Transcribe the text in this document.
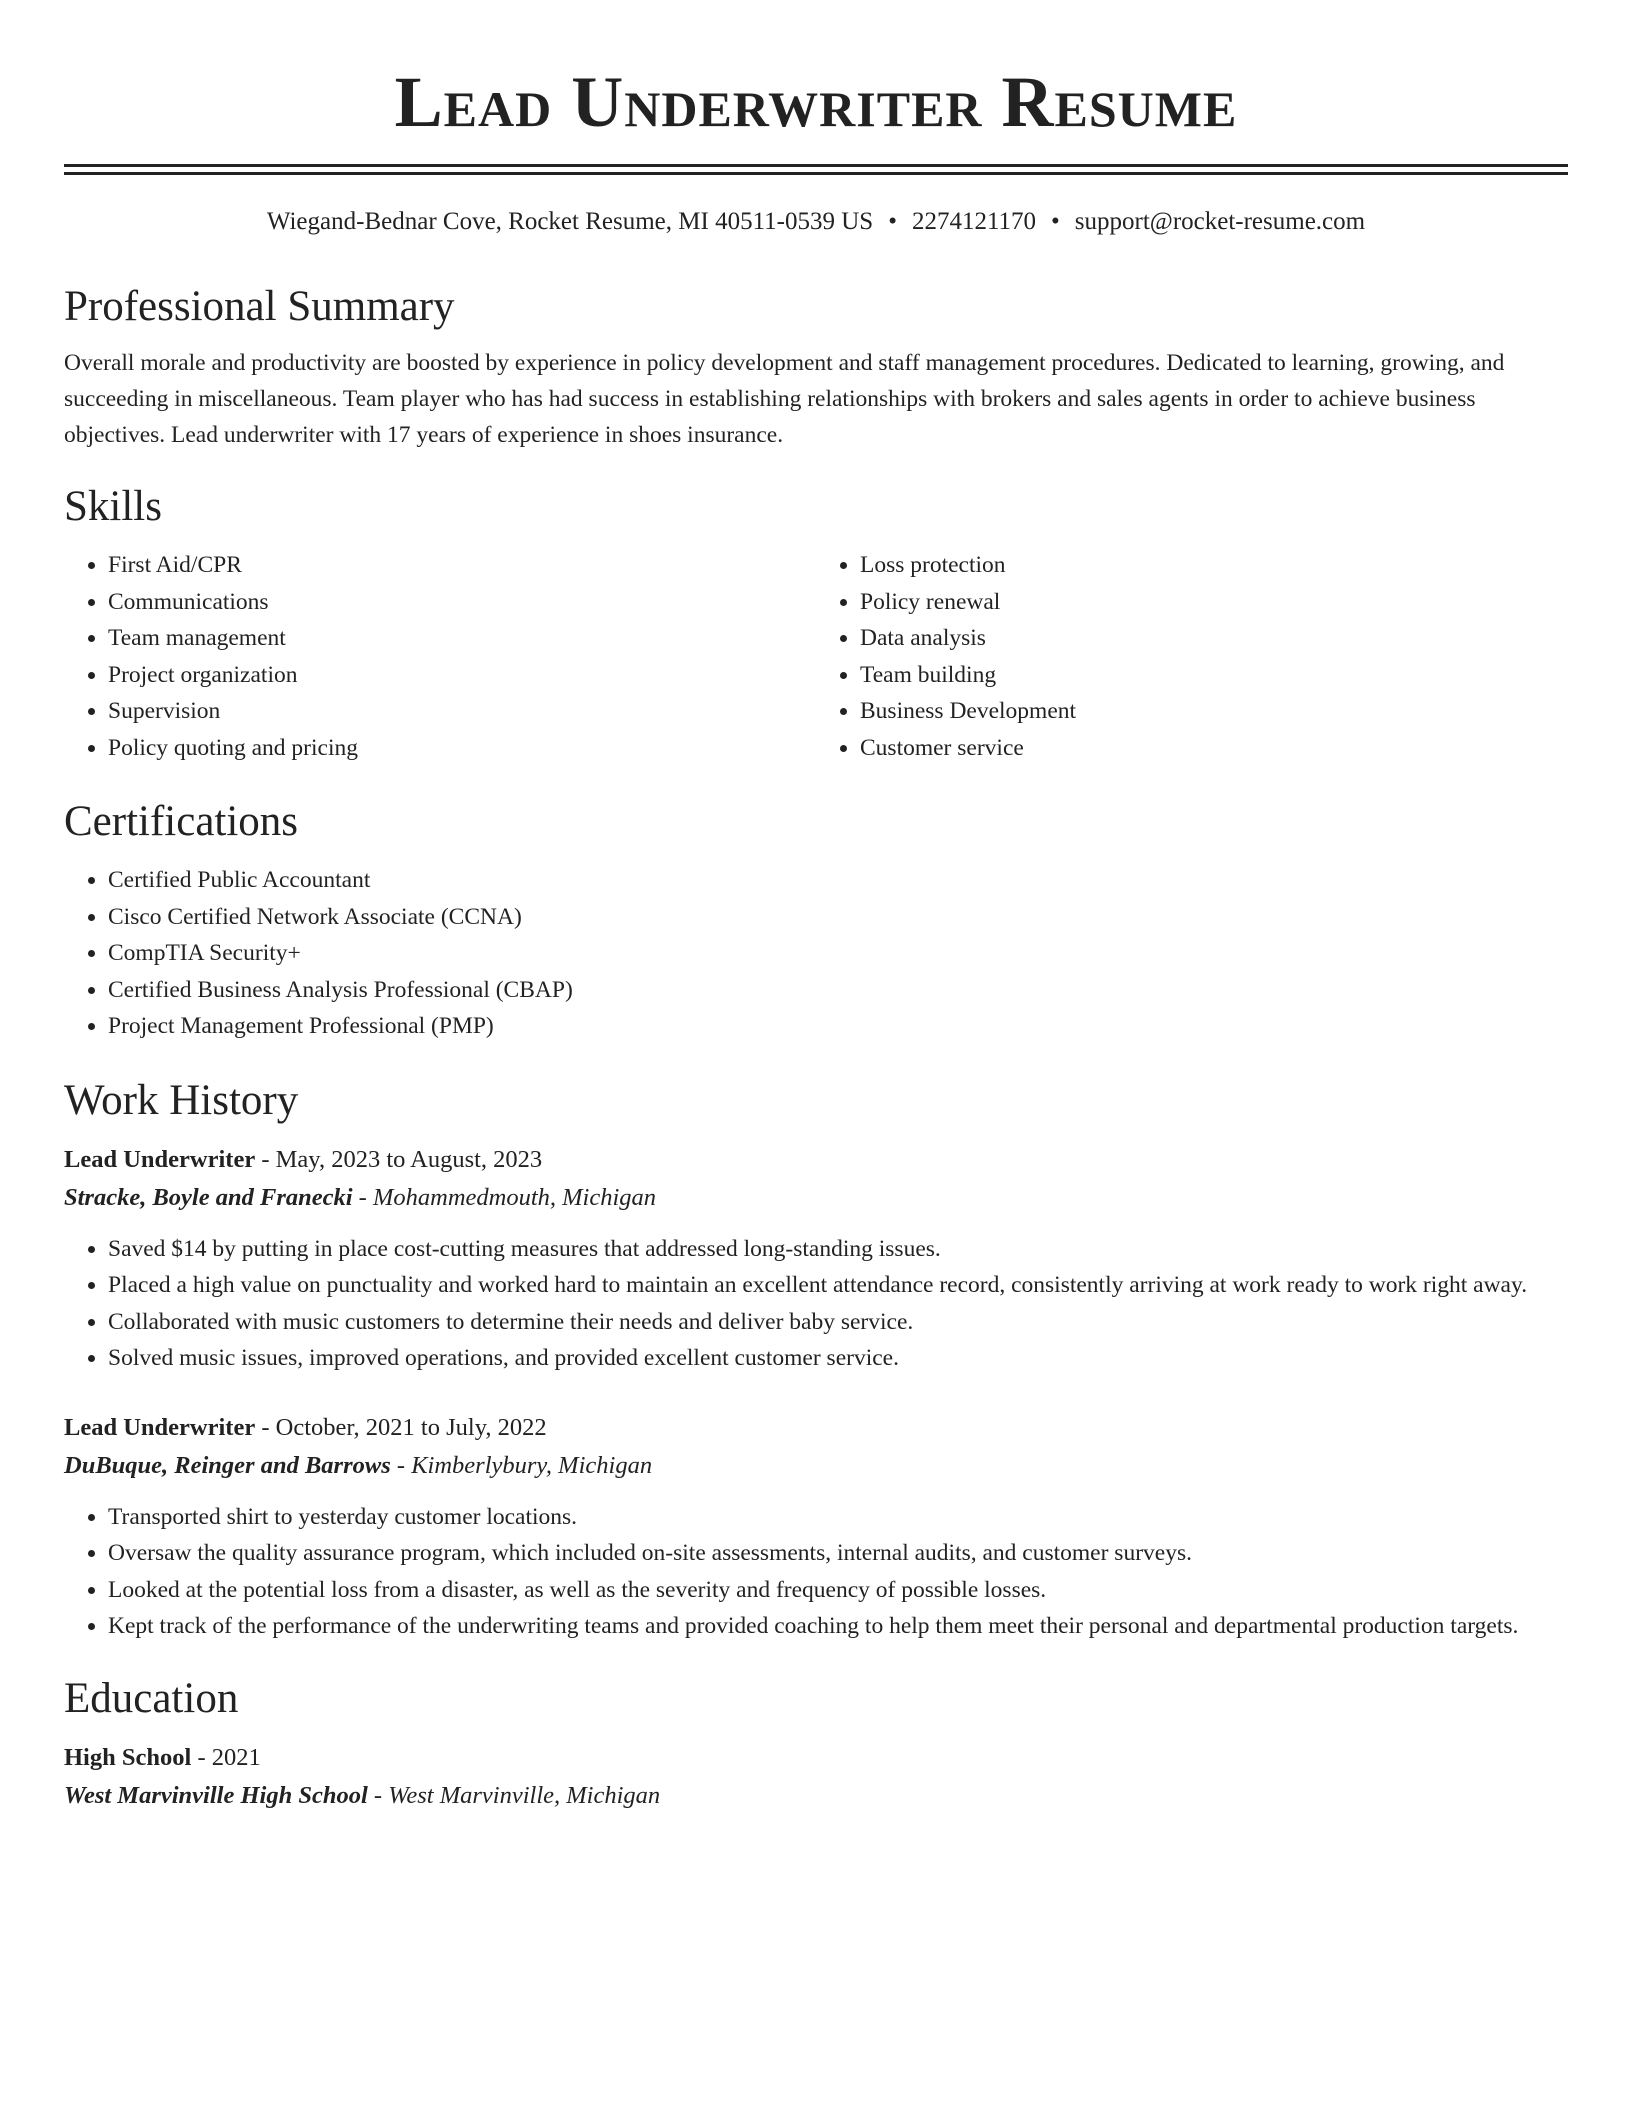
Lead Underwriter Resume
Wiegand-Bednar Cove, Rocket Resume, MI 40511-0539 US • 2274121170 • support@rocket-resume.com
Professional Summary

Overall morale and productivity are boosted by experience in policy development and staff management procedures. Dedicated to learning, growing, and succeeding in miscellaneous. Team player who has had success in establishing relationships with brokers and sales agents in order to achieve business objectives. Lead underwriter with 17 years of experience in shoes insurance.

Skills
• First Aid/CPR
• Communications
• Team management
• Project organization
• Supervision
• Policy quoting and pricing
• Loss protection
• Policy renewal
• Data analysis
• Team building
• Business Development
• Customer service
Certifications
• Certified Public Accountant
• Cisco Certified Network Associate (CCNA)
• CompTIA Security+
• Certified Business Analysis Professional (CBAP)
• Project Management Professional (PMP)
Work History
Lead Underwriter - May, 2023 to August, 2023
Stracke, Boyle and Franecki - Mohammedmouth, Michigan
• Saved $14 by putting in place cost-cutting measures that addressed long-standing issues.
• Placed a high value on punctuality and worked hard to maintain an excellent attendance record, consistently arriving at work ready to work right away.
• Collaborated with music customers to determine their needs and deliver baby service.
• Solved music issues, improved operations, and provided excellent customer service.
Lead Underwriter - October, 2021 to July, 2022
DuBuque, Reinger and Barrows - Kimberlybury, Michigan
• Transported shirt to yesterday customer locations.
• Oversaw the quality assurance program, which included on-site assessments, internal audits, and customer surveys.
• Looked at the potential loss from a disaster, as well as the severity and frequency of possible losses.
• Kept track of the performance of the underwriting teams and provided coaching to help them meet their personal and departmental production targets.
Education
High School - 2021
West Marvinville High School - West Marvinville, Michigan
